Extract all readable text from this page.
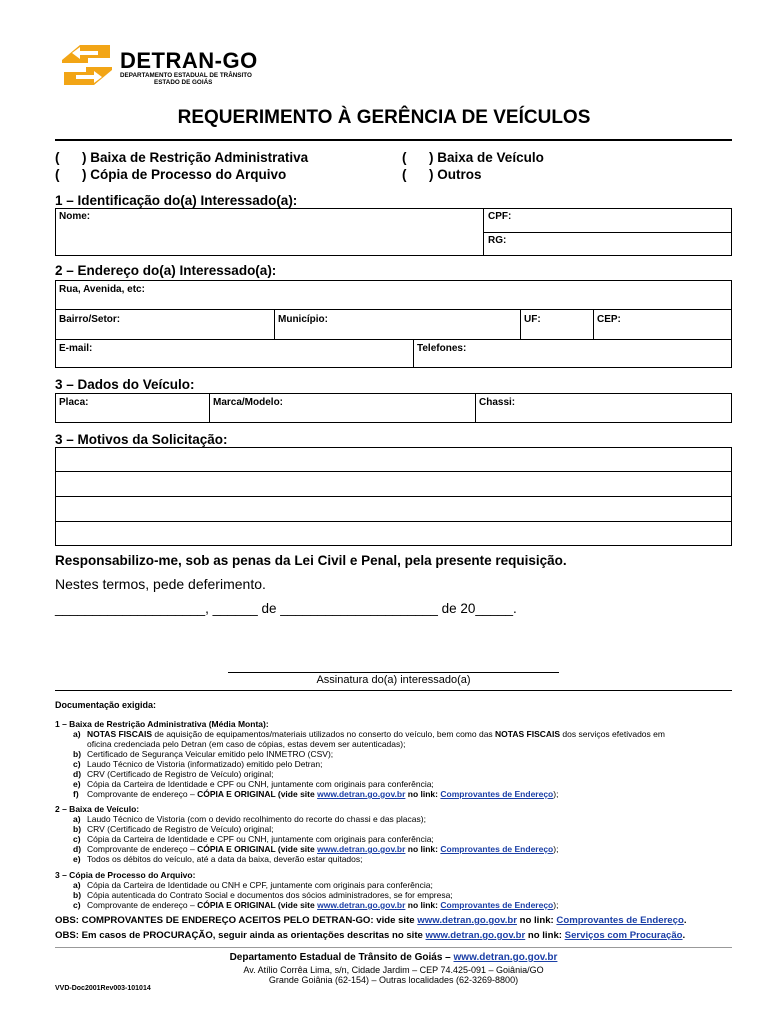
DETRAN-GO
DEPARTAMENTO ESTADUAL DE TRÂNSITO
ESTADO DE GOIÁS
REQUERIMENTO À GERÊNCIA DE VEÍCULOS
(      ) Baixa de Restrição Administrativa	(      ) Baixa de Veículo
(      ) Cópia de Processo do Arquivo	(      ) Outros
1 – Identificação do(a) Interessado(a):
Nome:	CPF:
RG:
2 – Endereço do(a) Interessado(a):
Rua, Avenida, etc:
Bairro/Setor:	Município:	UF:	CEP:
E-mail:	Telefones:
3 – Dados do Veículo:
Placa:	Marca/Modelo:	Chassi:
3 – Motivos da Solicitação:
Responsabilizo-me, sob as penas da Lei Civil e Penal, pela presente requisição.
Nestes termos, pede deferimento.
____________________, ______ de _____________________ de 20_____.
Assinatura do(a) interessado(a)
Documentação exigida:
1 – Baixa de Restrição Administrativa (Média Monta):
a) NOTAS FISCAIS de aquisição de equipamentos/materiais utilizados no conserto do veículo, bem como das NOTAS FISCAIS dos serviços efetivados em
oficina credenciada pelo Detran (em caso de cópias, estas devem ser autenticadas);
b) Certificado de Segurança Veicular emitido pelo INMETRO (CSV);
c) Laudo Técnico de Vistoria (informatizado) emitido pelo Detran;
d) CRV (Certificado de Registro de Veículo) original;
e) Cópia da Carteira de Identidade e CPF ou CNH, juntamente com originais para conferência;
f) Comprovante de endereço – CÓPIA E ORIGINAL (vide site www.detran.go.gov.br no link: Comprovantes de Endereço);
2 – Baixa de Veículo:
a) Laudo Técnico de Vistoria (com o devido recolhimento do recorte do chassi e das placas);
b) CRV (Certificado de Registro de Veículo) original;
c) Cópia da Carteira de Identidade e CPF ou CNH, juntamente com originais para conferência;
d) Comprovante de endereço – CÓPIA E ORIGINAL (vide site www.detran.go.gov.br no link: Comprovantes de Endereço);
e) Todos os débitos do veículo, até a data da baixa, deverão estar quitados;
3 – Cópia de Processo do Arquivo:
a) Cópia da Carteira de Identidade ou CNH e CPF, juntamente com originais para conferência;
b) Cópia autenticada do Contrato Social e documentos dos sócios administradores, se for empresa;
c) Comprovante de endereço – CÓPIA E ORIGINAL (vide site www.detran.go.gov.br no link: Comprovantes de Endereço);
OBS: COMPROVANTES DE ENDEREÇO ACEITOS PELO DETRAN-GO: vide site www.detran.go.gov.br no link: Comprovantes de Endereço.
OBS: Em casos de PROCURAÇÃO, seguir ainda as orientações descritas no site www.detran.go.gov.br no link: Serviços com Procuração.
Departamento Estadual de Trânsito de Goiás – www.detran.go.gov.br
Av. Atílio Corrêa Lima, s/n, Cidade Jardim – CEP 74.425-091 – Goiânia/GO
Grande Goiânia (62-154) – Outras localidades (62-3269-8800)
VVD-Doc2001Rev003-101014
